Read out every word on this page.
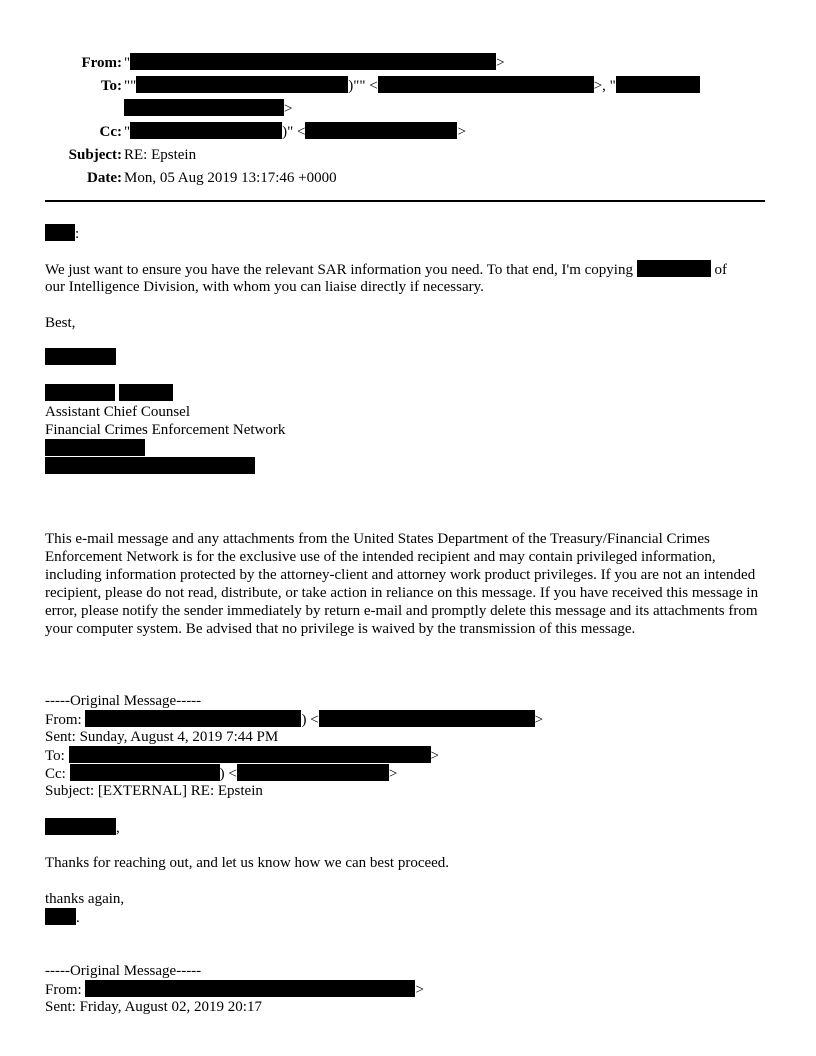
From: "	>
To: ""	)"" <	>, "
>
Cc: "	)" <	>
Subject: RE: Epstein
Date: Mon, 05 Aug 2019 13:17:46 +0000
:
We just want to ensure you have the relevant SAR information you need. To that end, I'm copying	of
our Intelligence Division, with whom you can liaise directly if necessary.
Best,

Assistant Chief Counsel
Financial Crimes Enforcement Network
This e-mail message and any attachments from the United States Department of the Treasury/Financial Crimes Enforcement Network is for the exclusive use of the intended recipient and may contain privileged information, including information protected by the attorney-client and attorney work product privileges. If you are not an intended recipient, please do not read, distribute, or take action in reliance on this message. If you have received this message in error, please notify the sender immediately by return e-mail and promptly delete this message and its attachments from your computer system. Be advised that no privilege is waived by the transmission of this message.
-----Original Message-----
From:	) <	>
Sent: Sunday, August 4, 2019 7:44 PM
To:	>
Cc:	) <	>
Subject: [EXTERNAL] RE: Epstein
,
Thanks for reaching out, and let us know how we can best proceed.
thanks again,
.
-----Original Message-----
From:	>
Sent: Friday, August 02, 2019 20:17
